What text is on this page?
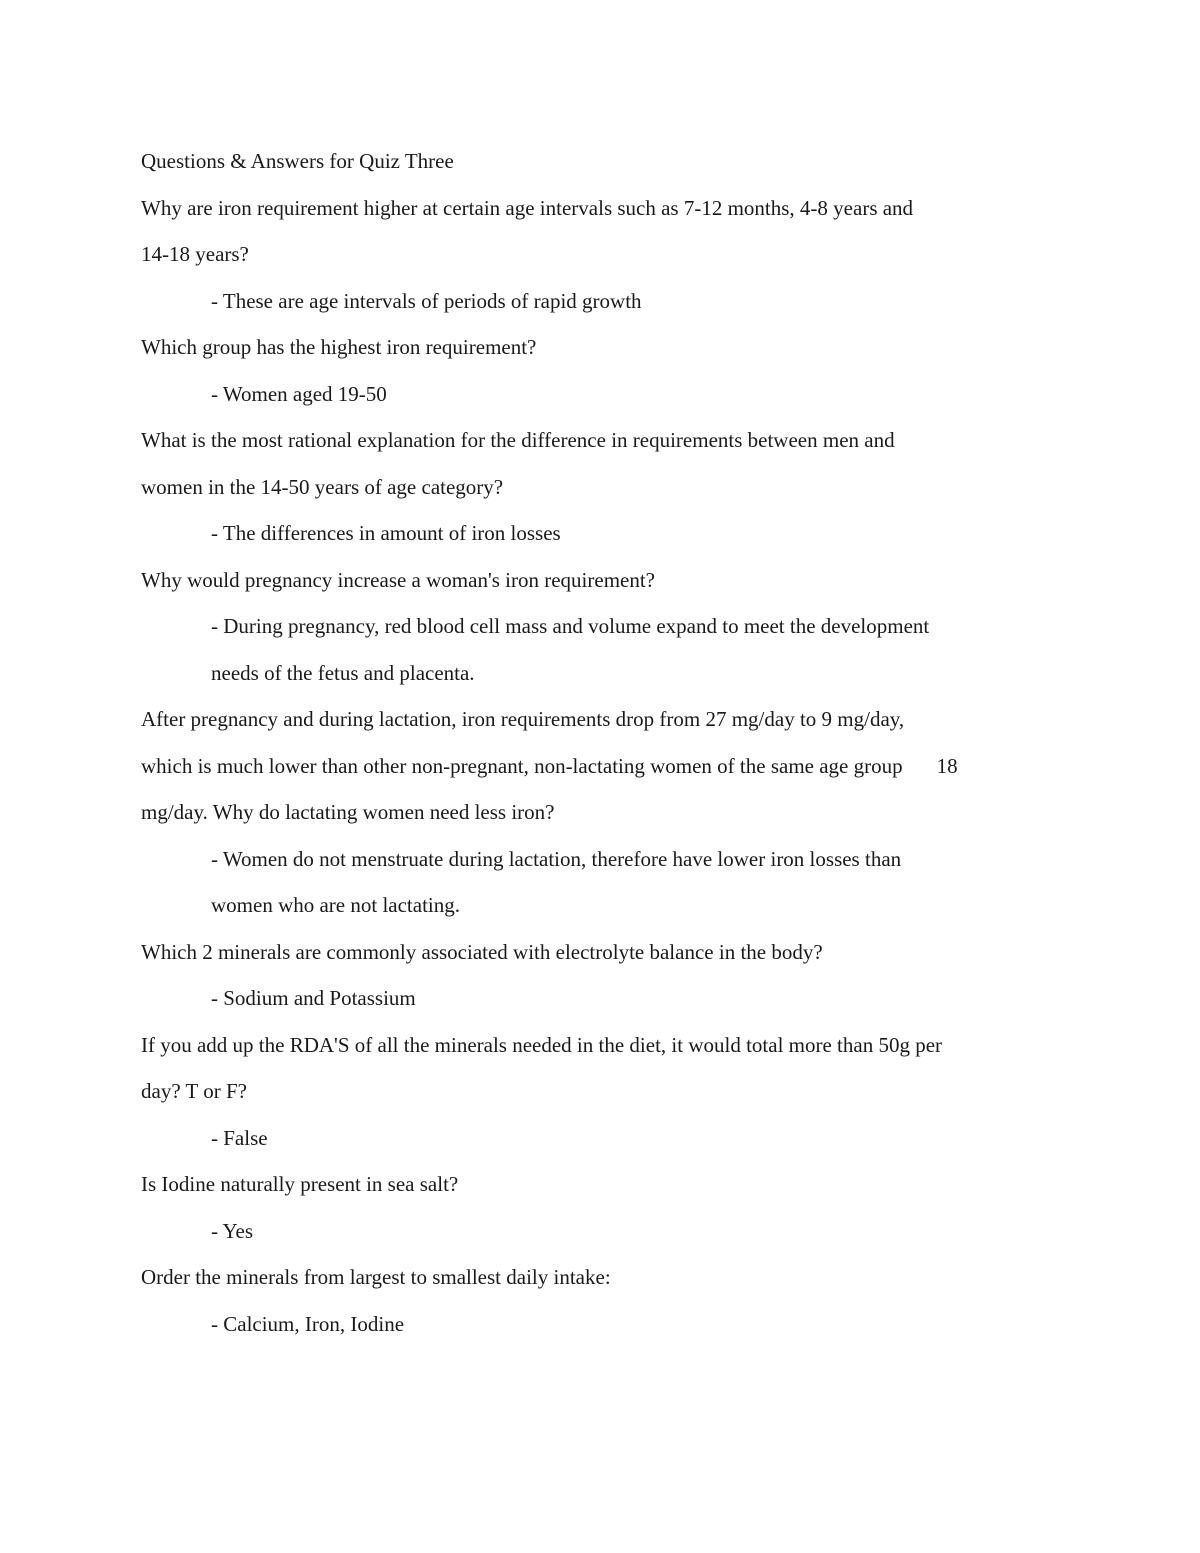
Questions & Answers for Quiz Three
Why are iron requirement higher at certain age intervals such as 7-12 months, 4-8 years and
14-18 years?
- These are age intervals of periods of rapid growth
Which group has the highest iron requirement?
- Women aged 19-50
What is the most rational explanation for the difference in requirements between men and
women in the 14-50 years of age category?
- The differences in amount of iron losses
Why would pregnancy increase a woman's iron requirement?
- During pregnancy, red blood cell mass and volume expand to meet the development
needs of the fetus and placenta.
After pregnancy and during lactation, iron requirements drop from 27 mg/day to 9 mg/day,
which is much lower than other non-pregnant, non-lactating women of the same age group 18
mg/day. Why do lactating women need less iron?
- Women do not menstruate during lactation, therefore have lower iron losses than
women who are not lactating.
Which 2 minerals are commonly associated with electrolyte balance in the body?
- Sodium and Potassium
If you add up the RDA'S of all the minerals needed in the diet, it would total more than 50g per
day? T or F?
- False
Is Iodine naturally present in sea salt?
- Yes
Order the minerals from largest to smallest daily intake:
- Calcium, Iron, Iodine
